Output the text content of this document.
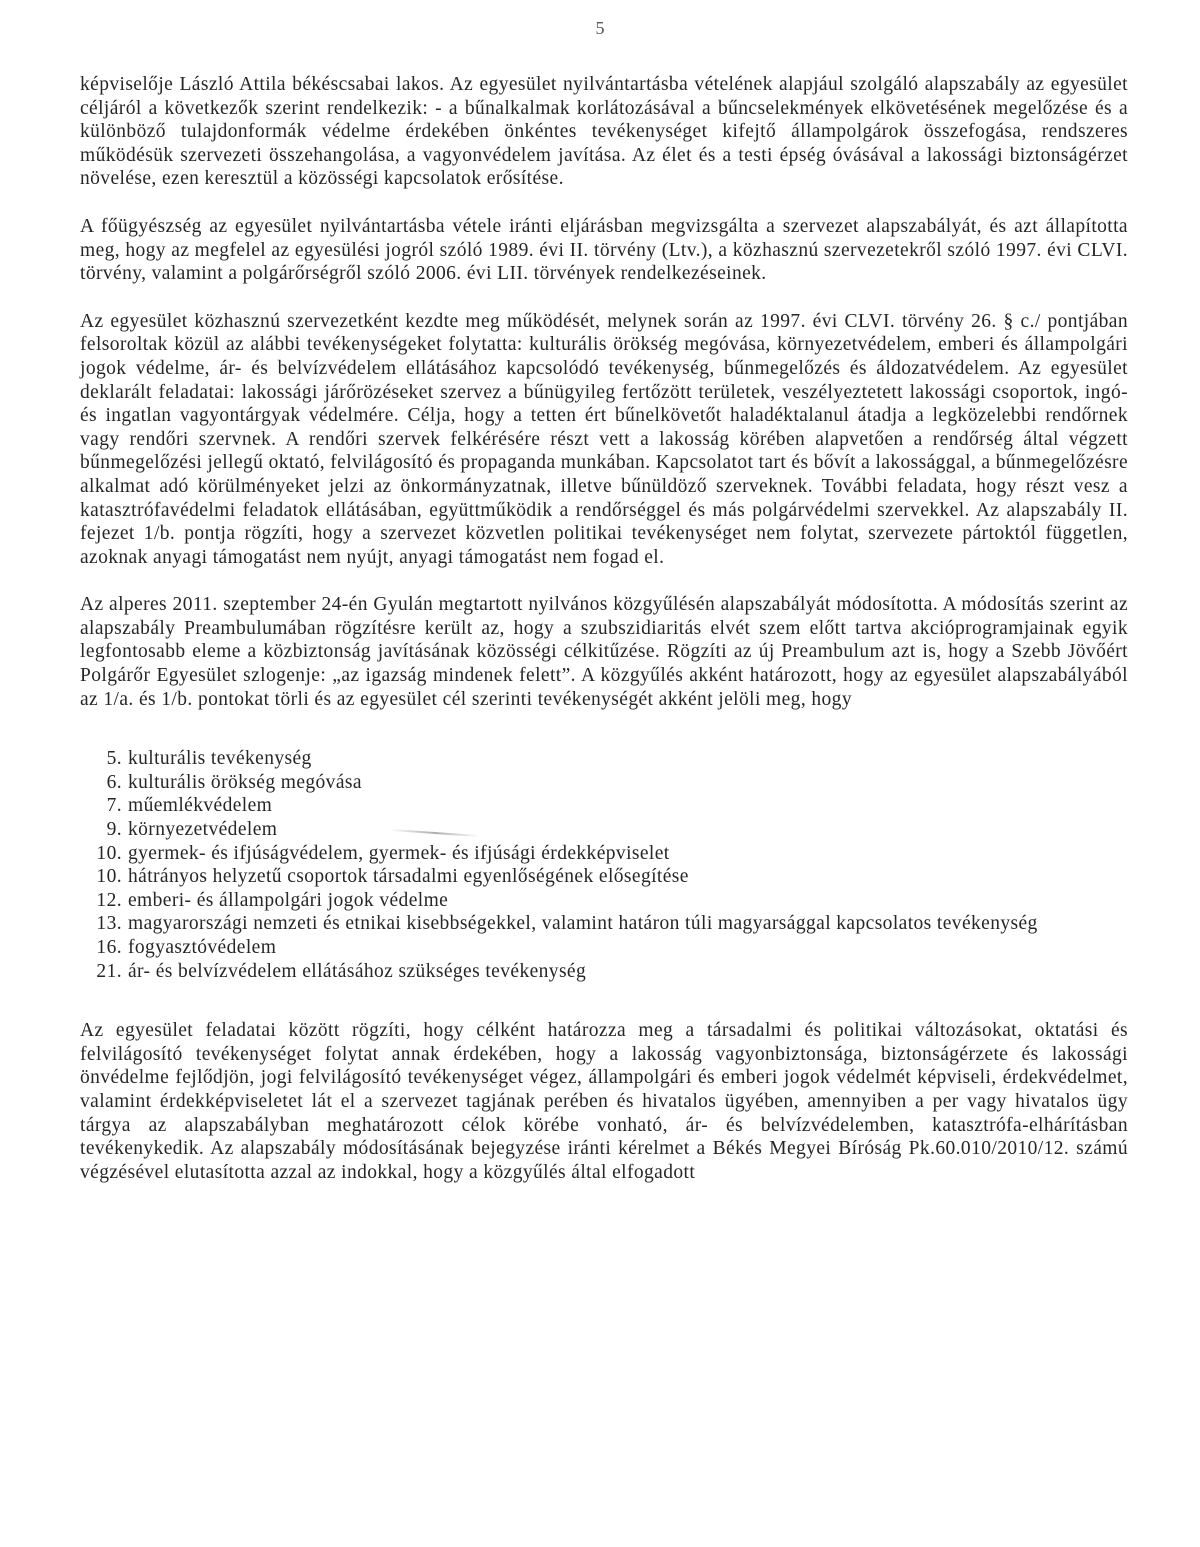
5

képviselője László Attila békéscsabai lakos. Az egyesület nyilvántartásba vételének alapjául szolgáló alapszabály az egyesület céljáról a következők szerint rendelkezik: - a bűnalkalmak korlátozásával a bűncselekmények elkövetésének megelőzése és a különböző tulajdonformák védelme érdekében önkéntes tevékenységet kifejtő állampolgárok összefogása, rendszeres működésük szervezeti összehangolása, a vagyonvédelem javítása. Az élet és a testi épség óvásával a lakossági biztonságérzet növelése, ezen keresztül a közösségi kapcsolatok erősítése.

A főügyészség az egyesület nyilvántartásba vétele iránti eljárásban megvizsgálta a szervezet alapszabályát, és azt állapította meg, hogy az megfelel az egyesülési jogról szóló 1989. évi II. törvény (Ltv.), a közhasznú szervezetekről szóló 1997. évi CLVI. törvény, valamint a polgárőrségről szóló 2006. évi LII. törvények rendelkezéseinek.

Az egyesület közhasznú szervezetként kezdte meg működését, melynek során az 1997. évi CLVI. törvény 26. § c./ pontjában felsoroltak közül az alábbi tevékenységeket folytatta: kulturális örökség megóvása, környezetvédelem, emberi és állampolgári jogok védelme, ár- és belvízvédelem ellátásához kapcsolódó tevékenység, bűnmegelőzés és áldozatvédelem. Az egyesület deklarált feladatai: lakossági járőrözéseket szervez a bűnügyileg fertőzött területek, veszélyeztetett lakossági csoportok, ingó- és ingatlan vagyontárgyak védelmére. Célja, hogy a tetten ért bűnelkövetőt haladéktalanul átadja a legközelebbi rendőrnek vagy rendőri szervnek. A rendőri szervek felkérésére részt vett a lakosság körében alapvetően a rendőrség által végzett bűnmegelőzési jellegű oktató, felvilágosító és propaganda munkában. Kapcsolatot tart és bővít a lakossággal, a bűnmegelőzésre alkalmat adó körülményeket jelzi az önkormányzatnak, illetve bűnüldöző szerveknek. További feladata, hogy részt vesz a katasztrófavédelmi feladatok ellátásában, együttműködik a rendőrséggel és más polgárvédelmi szervekkel. Az alapszabály II. fejezet 1/b. pontja rögzíti, hogy a szervezet közvetlen politikai tevékenységet nem folytat, szervezete pártoktól független, azoknak anyagi támogatást nem nyújt, anyagi támogatást nem fogad el.

Az alperes 2011. szeptember 24-én Gyulán megtartott nyilvános közgyűlésén alapszabályát módosította. A módosítás szerint az alapszabály Preambulumában rögzítésre került az, hogy a szubszidiaritás elvét szem előtt tartva akcióprogramjainak egyik legfontosabb eleme a közbiztonság javításának közösségi célkitűzése. Rögzíti az új Preambulum azt is, hogy a Szebb Jövőért Polgárőr Egyesület szlogenje: „az igazság mindenek felett”. A közgyűlés akként határozott, hogy az egyesület alapszabályából az 1/a. és 1/b. pontokat törli és az egyesület cél szerinti tevékenységét akként jelöli meg, hogy

5. kulturális tevékenység
6. kulturális örökség megóvása
7. műemlékvédelem
9. környezetvédelem
10. gyermek- és ifjúságvédelem, gyermek- és ifjúsági érdekképviselet
10. hátrányos helyzetű csoportok társadalmi egyenlőségének elősegítése
12. emberi- és állampolgári jogok védelme
13. magyarországi nemzeti és etnikai kisebbségekkel, valamint határon túli magyarsággal kapcsolatos tevékenység
16. fogyasztóvédelem
21. ár- és belvízvédelem ellátásához szükséges tevékenység

Az egyesület feladatai között rögzíti, hogy célként határozza meg a társadalmi és politikai változásokat, oktatási és felvilágosító tevékenységet folytat annak érdekében, hogy a lakosság vagyonbiztonsága, biztonságérzete és lakossági önvédelme fejlődjön, jogi felvilágosító tevékenységet végez, állampolgári és emberi jogok védelmét képviseli, érdekvédelmet, valamint érdekképviseletet lát el a szervezet tagjának perében és hivatalos ügyében, amennyiben a per vagy hivatalos ügy tárgya az alapszabályban meghatározott célok körébe vonható, ár- és belvízvédelemben, katasztrófa-elhárításban tevékenykedik. Az alapszabály módosításának bejegyzése iránti kérelmet a Békés Megyei Bíróság Pk.60.010/2010/12. számú végzésével elutasította azzal az indokkal, hogy a közgyűlés által elfogadott
